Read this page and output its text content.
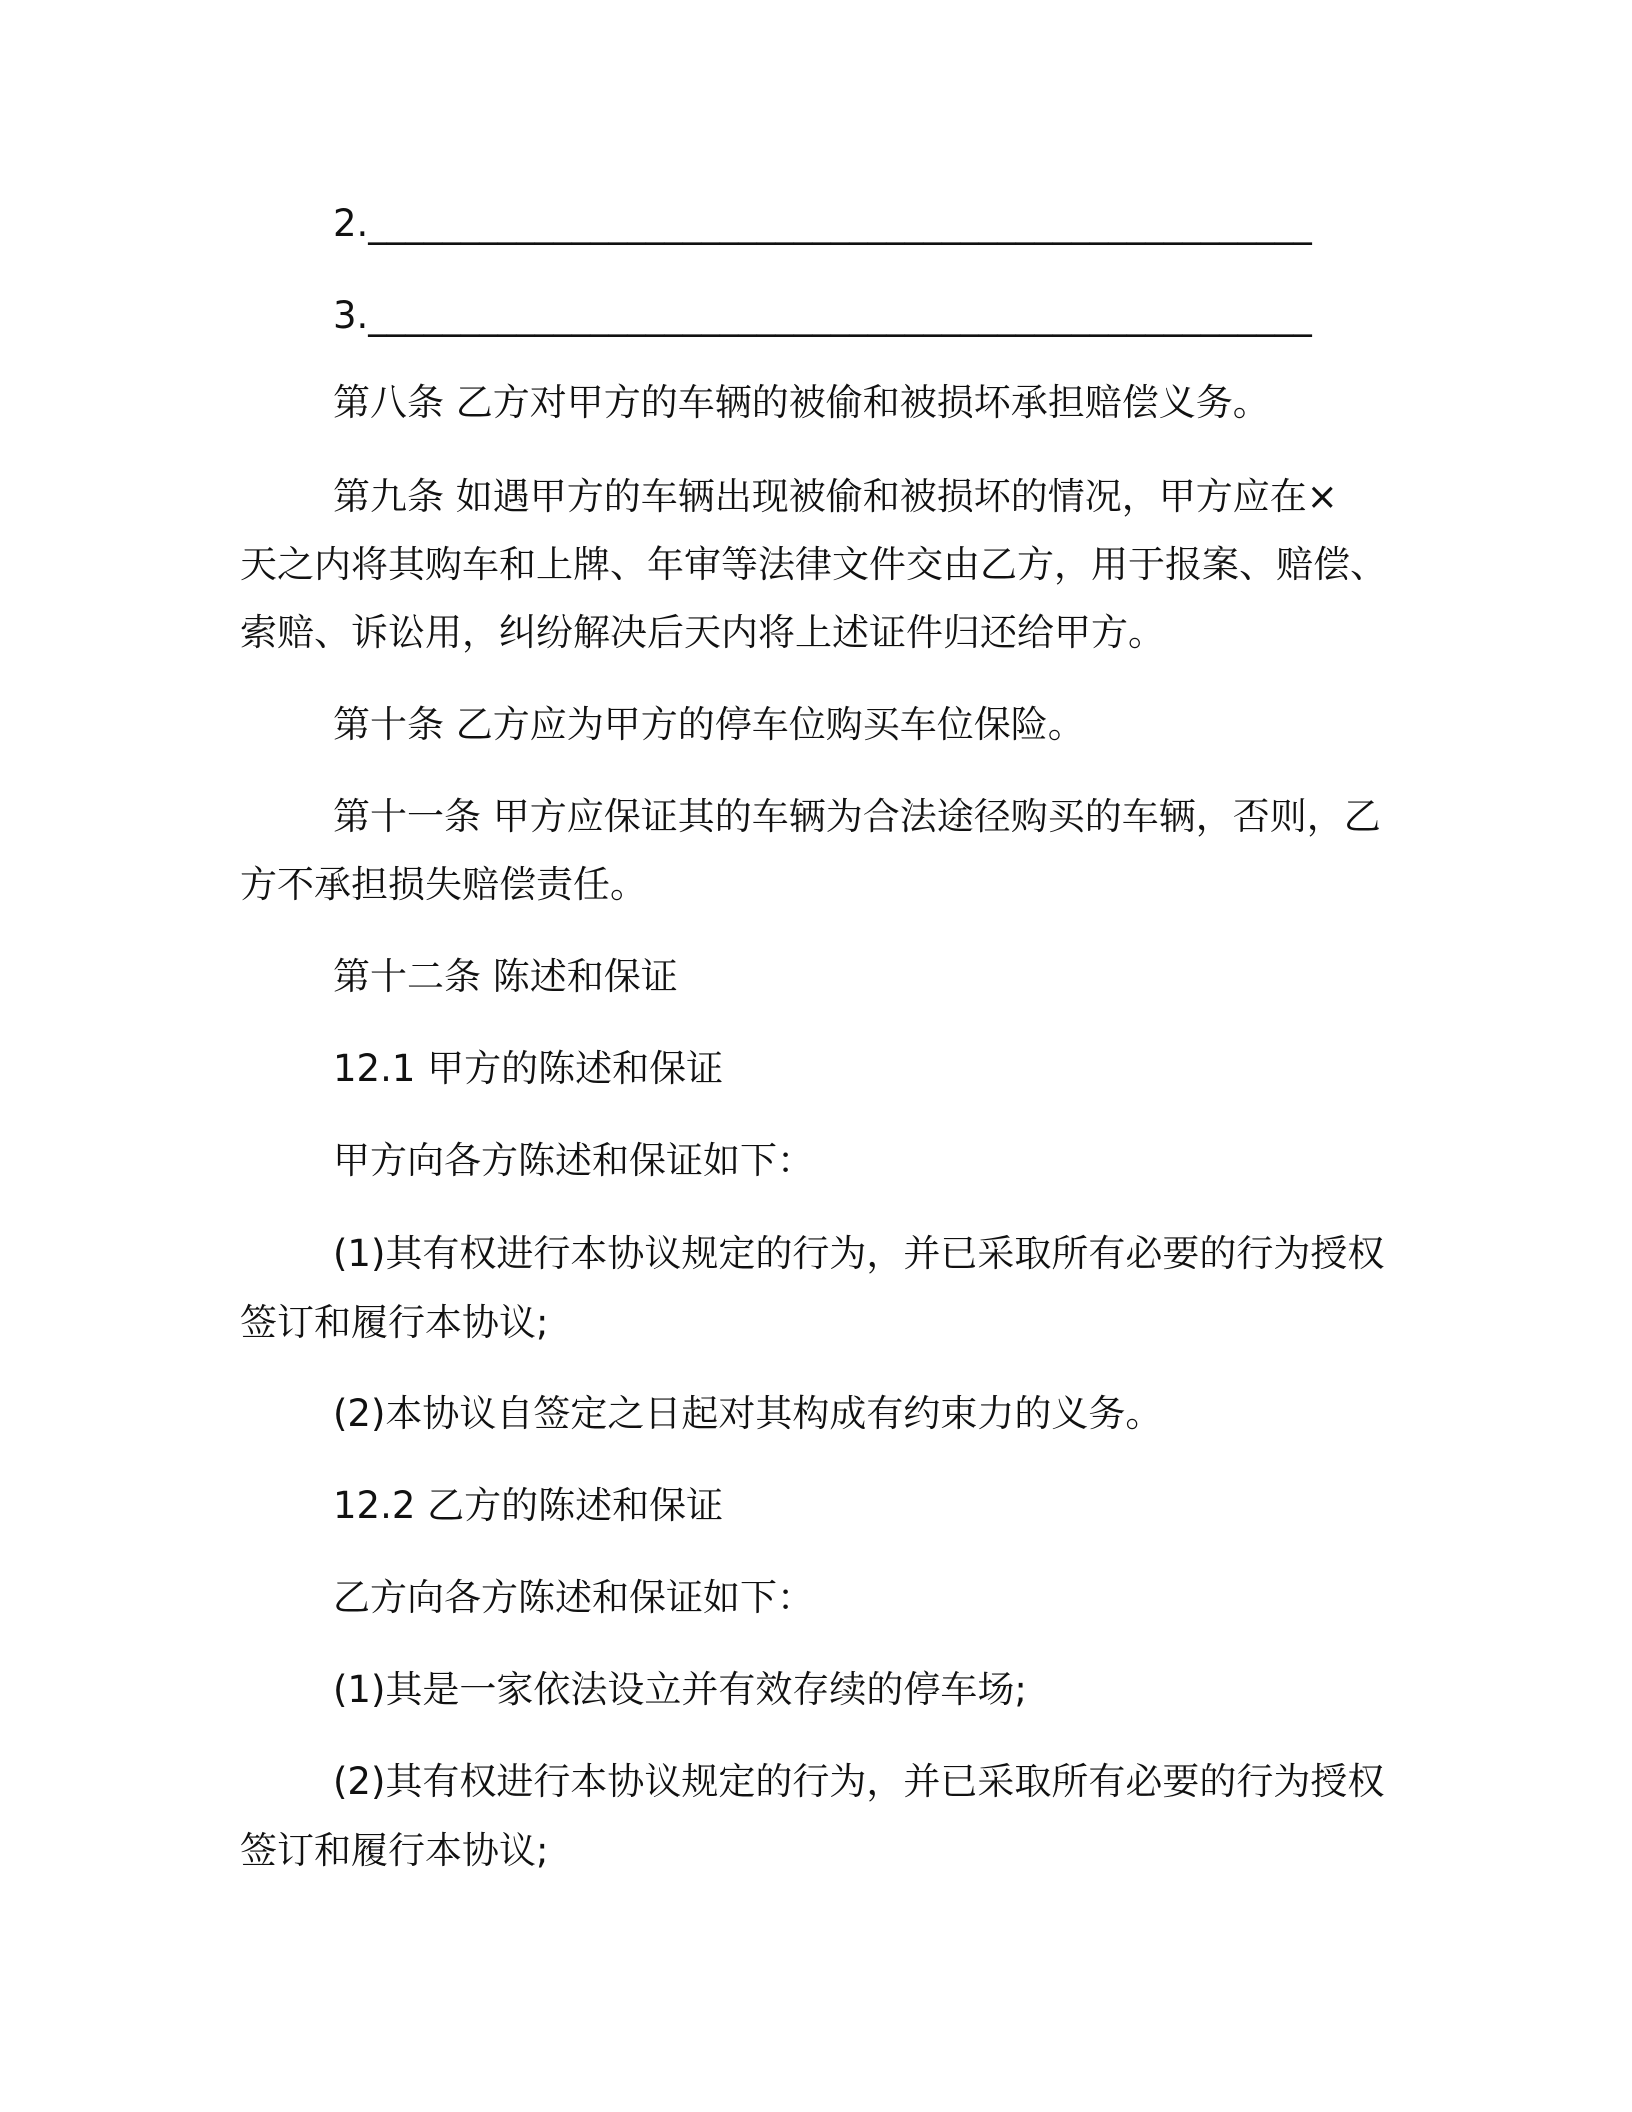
2.___________________________________________________
3.___________________________________________________
第八条 乙方对甲方的车辆的被偷和被损坏承担赔偿义务。
第九条 如遇甲方的车辆出现被偷和被损坏的情况，甲方应在×
天之内将其购车和上牌、年审等法律文件交由乙方，用于报案、赔偿、
索赔、诉讼用，纠纷解决后天内将上述证件归还给甲方。
第十条 乙方应为甲方的停车位购买车位保险。
第十一条 甲方应保证其的车辆为合法途径购买的车辆，否则，乙
方不承担损失赔偿责任。
第十二条 陈述和保证
12.1 甲方的陈述和保证
甲方向各方陈述和保证如下：
(1)其有权进行本协议规定的行为，并已采取所有必要的行为授权
签订和履行本协议;
(2)本协议自签定之日起对其构成有约束力的义务。
12.2 乙方的陈述和保证
乙方向各方陈述和保证如下：
(1)其是一家依法设立并有效存续的停车场;
(2)其有权进行本协议规定的行为，并已采取所有必要的行为授权
签订和履行本协议;
